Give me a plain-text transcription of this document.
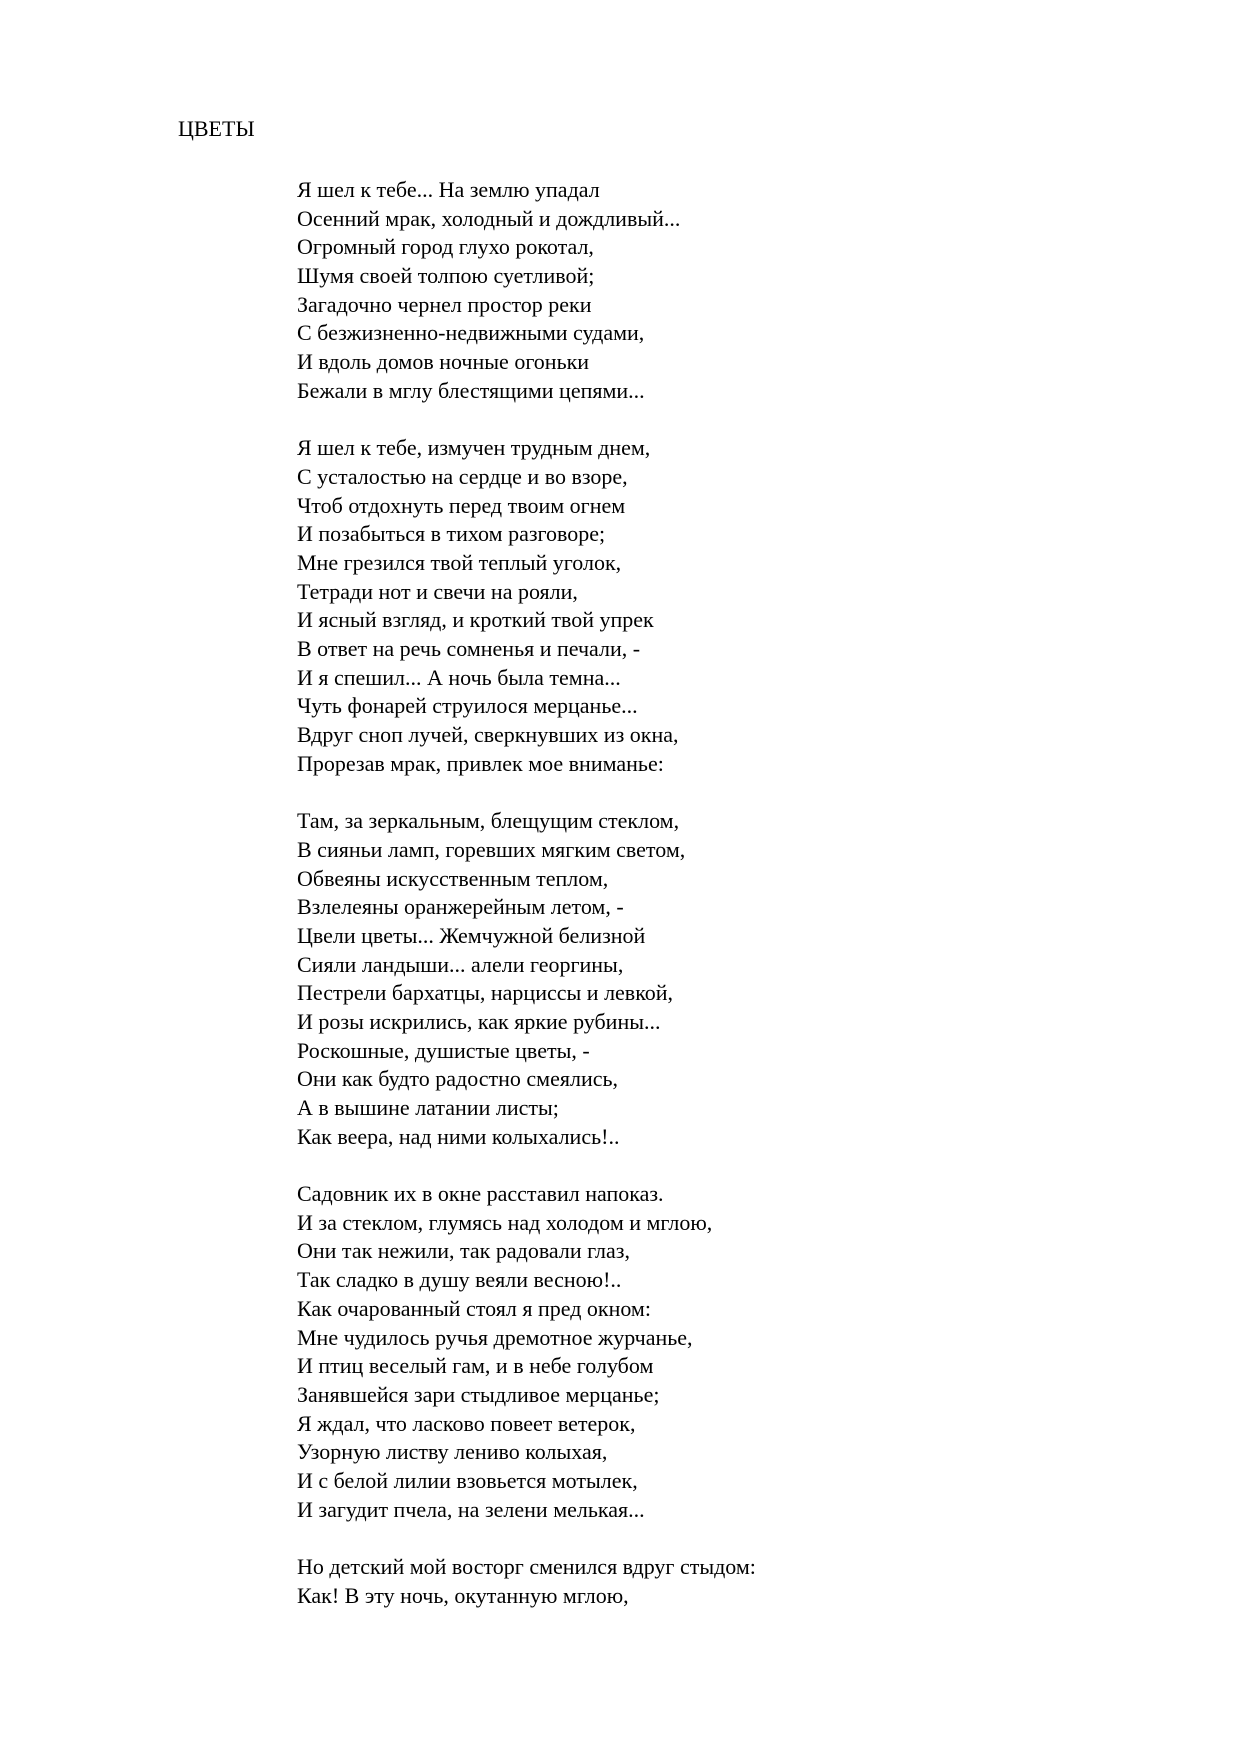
ЦВЕТЫ
Я шел к тебе... На землю упадал
Осенний мрак, холодный и дождливый...
Огромный город глухо рокотал,
Шумя своей толпою суетливой;
Загадочно чернел простор реки
С безжизненно-недвижными судами,
И вдоль домов ночные огоньки
Бежали в мглу блестящими цепями...
Я шел к тебе, измучен трудным днем,
С усталостью на сердце и во взоре,
Чтоб отдохнуть перед твоим огнем
И позабыться в тихом разговоре;
Мне грезился твой теплый уголок,
Тетради нот и свечи на рояли,
И ясный взгляд, и кроткий твой упрек
В ответ на речь сомненья и печали, -
И я спешил... А ночь была темна...
Чуть фонарей струилося мерцанье...
Вдруг сноп лучей, сверкнувших из окна,
Прорезав мрак, привлек мое вниманье:
Там, за зеркальным, блещущим стеклом,
В сияньи ламп, горевших мягким светом,
Обвеяны искусственным теплом,
Взлелеяны оранжерейным летом, -
Цвели цветы... Жемчужной белизной
Сияли ландыши... алели георгины,
Пестрели бархатцы, нарциссы и левкой,
И розы искрились, как яркие рубины...
Роскошные, душистые цветы, -
Они как будто радостно смеялись,
А в вышине латании листы;
Как веера, над ними колыхались!..
Садовник их в окне расставил напоказ.
И за стеклом, глумясь над холодом и мглою,
Они так нежили, так радовали глаз,
Так сладко в душу веяли весною!..
Как очарованный стоял я пред окном:
Мне чудилось ручья дремотное журчанье,
И птиц веселый гам, и в небе голубом
Занявшейся зари стыдливое мерцанье;
Я ждал, что ласково повеет ветерок,
Узорную листву лениво колыхая,
И с белой лилии взовьется мотылек,
И загудит пчела, на зелени мелькая...
Но детский мой восторг сменился вдруг стыдом:
Как! В эту ночь, окутанную мглою,
